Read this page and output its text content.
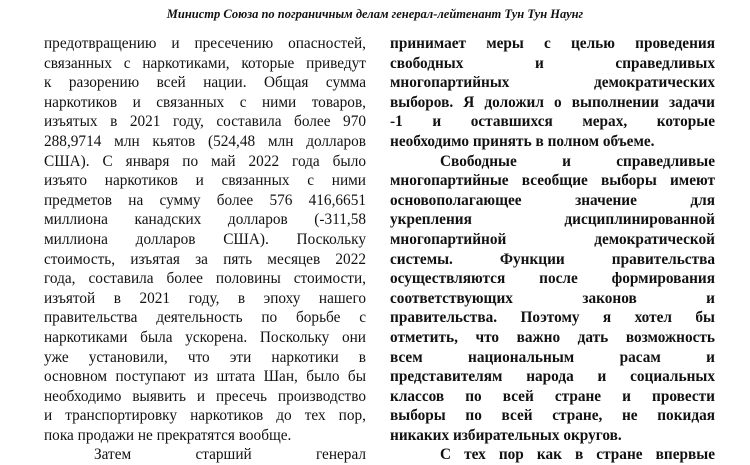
Министр Союза по пограничным делам генерал-лейтенант Тун Тун Наунг
предотвращению и пресечению опасностей,
связанных с наркотиками, которые приведут
к разорению всей нации. Общая сумма
наркотиков и связанных с ними товаров,
изъятых в 2021 году, составила более 970
288,9714 млн кьятов (524,48 млн долларов
США). С января по май 2022 года было
изъято наркотиков и связанных с ними
предметов на сумму более 576 416,6651
миллиона канадских долларов (-311,58
миллиона долларов США). Поскольку
стоимость, изъятая за пять месяцев 2022
года, составила более половины стоимости,
изъятой в 2021 году, в эпоху нашего
правительства деятельность по борьбе с
наркотиками была ускорена. Поскольку они
уже установили, что эти наркотики в
основном поступают из штата Шан, было бы
необходимо выявить и пресечь производство
и транспортировку наркотиков до тех пор,
пока продажи не прекратятся вообще.
Затем старший генерал
принимает меры с целью проведения
свободных и справедливых
многопартийных демократических
выборов. Я доложил о выполнении задачи
-1 и оставшихся мерах, которые
необходимо принять в полном объеме.
Свободные и справедливые
многопартийные всеобщие выборы имеют
основополагающее значение для
укрепления дисциплинированной
многопартийной демократической
системы. Функции правительства
осуществляются после формирования
соответствующих законов и
правительства. Поэтому я хотел бы
отметить, что важно дать возможность
всем национальным расам и
представителям народа и социальных
классов по всей стране и провести
выборы по всей стране, не покидая
никаких избирательных округов.
С тех пор как в стране впервые
